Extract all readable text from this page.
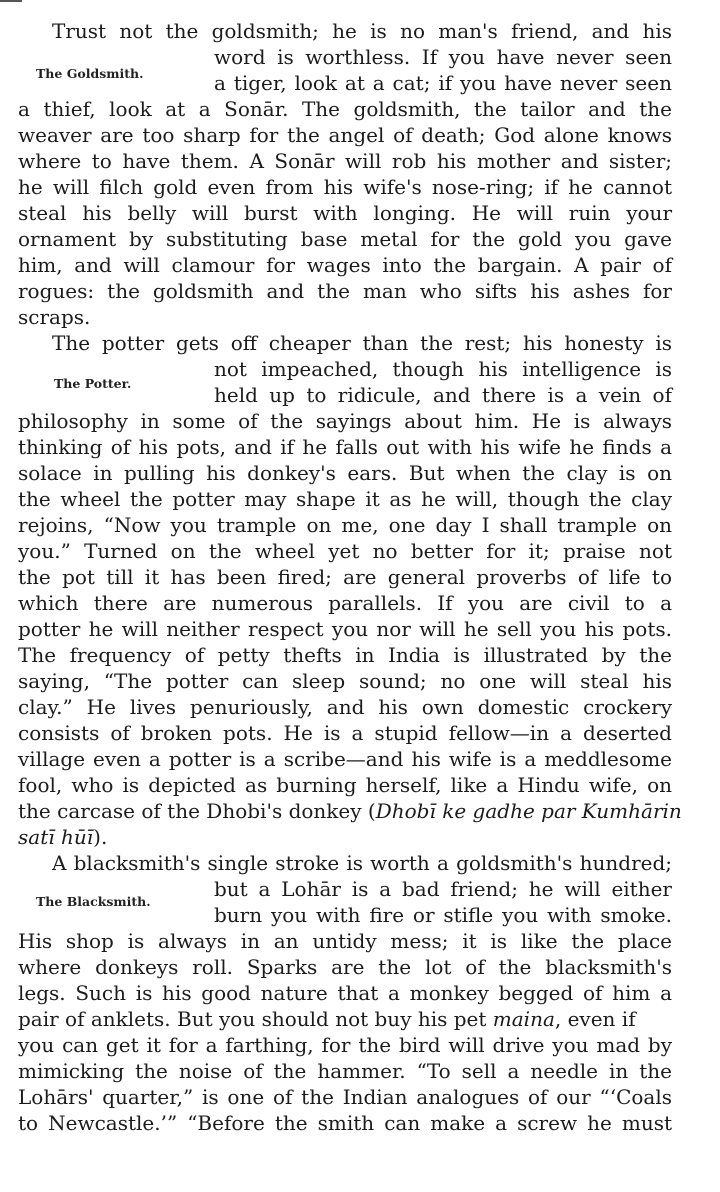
Trust not the goldsmith; he is no man's friend, and his

word is worthless. If you have never seen

The Goldsmith.	a tiger, look at a cat; if you have never seen

a thief, look at a Sonār. The goldsmith, the tailor and the

weaver are too sharp for the angel of death; God alone knows

where to have them. A Sonār will rob his mother and sister;

he will filch gold even from his wife's nose-ring; if he cannot

steal his belly will burst with longing. He will ruin your

ornament by substituting base metal for the gold you gave

him, and will clamour for wages into the bargain. A pair of

rogues: the goldsmith and the man who sifts his ashes for

scraps.

The potter gets off cheaper than the rest; his honesty is

not impeached, though his intelligence is

The Potter.	held up to ridicule, and there is a vein of

philosophy in some of the sayings about him. He is always

thinking of his pots, and if he falls out with his wife he finds a

solace in pulling his donkey's ears. But when the clay is on

the wheel the potter may shape it as he will, though the clay

rejoins, “Now you trample on me, one day I shall trample on

you.” Turned on the wheel yet no better for it; praise not

the pot till it has been fired; are general proverbs of life to

which there are numerous parallels. If you are civil to a

potter he will neither respect you nor will he sell you his pots.

The frequency of petty thefts in India is illustrated by the

saying, “The potter can sleep sound; no one will steal his

clay.” He lives penuriously, and his own domestic crockery

consists of broken pots. He is a stupid fellow—in a deserted

village even a potter is a scribe—and his wife is a meddlesome

fool, who is depicted as burning herself, like a Hindu wife, on

the carcase of the Dhobi's donkey (Dhobī ke gadhe par Kumhārin

satī hūī).

A blacksmith's single stroke is worth a goldsmith's hundred;

but a Lohār is a bad friend; he will either

The Blacksmith.

burn you with fire or stifle you with smoke.

His shop is always in an untidy mess; it is like the place

where donkeys roll. Sparks are the lot of the blacksmith's

legs. Such is his good nature that a monkey begged of him a

pair of anklets. But you should not buy his pet maina, even if

you can get it for a farthing, for the bird will drive you mad by

mimicking the noise of the hammer. “To sell a needle in the

Lohārs' quarter,” is one of the Indian analogues of our “‘Coals

to Newcastle.’” “Before the smith can make a screw he must
